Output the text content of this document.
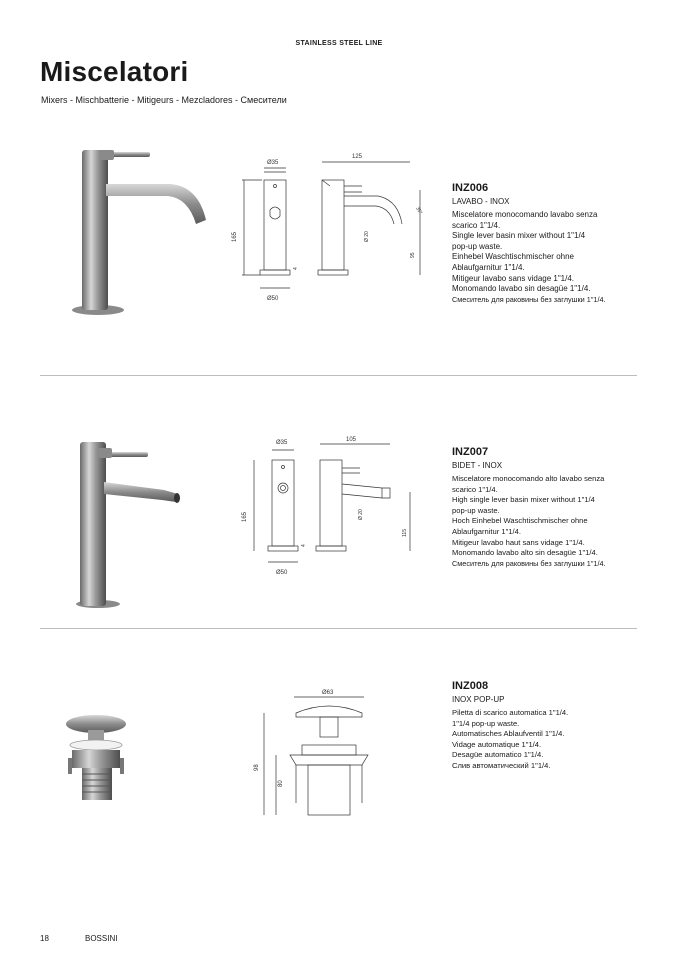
STAINLESS STEEL LINE
Miscelatori
Mixers - Mischbatterie - Mitigeurs - Mezcladores - Смесители
Ø35
165
4
Ø50
125
35°
Ø 20
95
INZ006
LAVABO - INOX
Miscelatore monocomando lavabo senza
scarico 1"1/4.
Single lever basin mixer without 1"1/4
pop-up waste.
Einhebel Waschtischmischer ohne
Ablaufgarnitur 1"1/4.
Mitigeur lavabo sans vidage 1"1/4.
Monomando lavabo sin desagüe 1"1/4.
Смеситель для раковины без заглушки 1"1/4.
Ø35
165
4
Ø50
105
Ø 20
115
INZ007
BIDET - INOX
Miscelatore monocomando alto lavabo senza
scarico 1"1/4.
High single lever basin mixer without 1"1/4
pop-up waste.
Hoch Einhebel Waschtischmischer ohne
Ablaufgarnitur 1"1/4.
Mitigeur lavabo haut sans vidage 1"1/4.
Monomando lavabo alto sin desagüe 1"1/4.
Смеситель для раковины без заглушки 1"1/4.
Ø63
98
80
INZ008
INOX POP-UP
Piletta di scarico automatica 1"1/4.
1"1/4 pop-up waste.
Automatisches Ablaufventil 1"1/4.
Vidage automatique 1"1/4.
Desagüe automatico 1"1/4.
Слив автоматический 1"1/4.
18	BOSSINI
